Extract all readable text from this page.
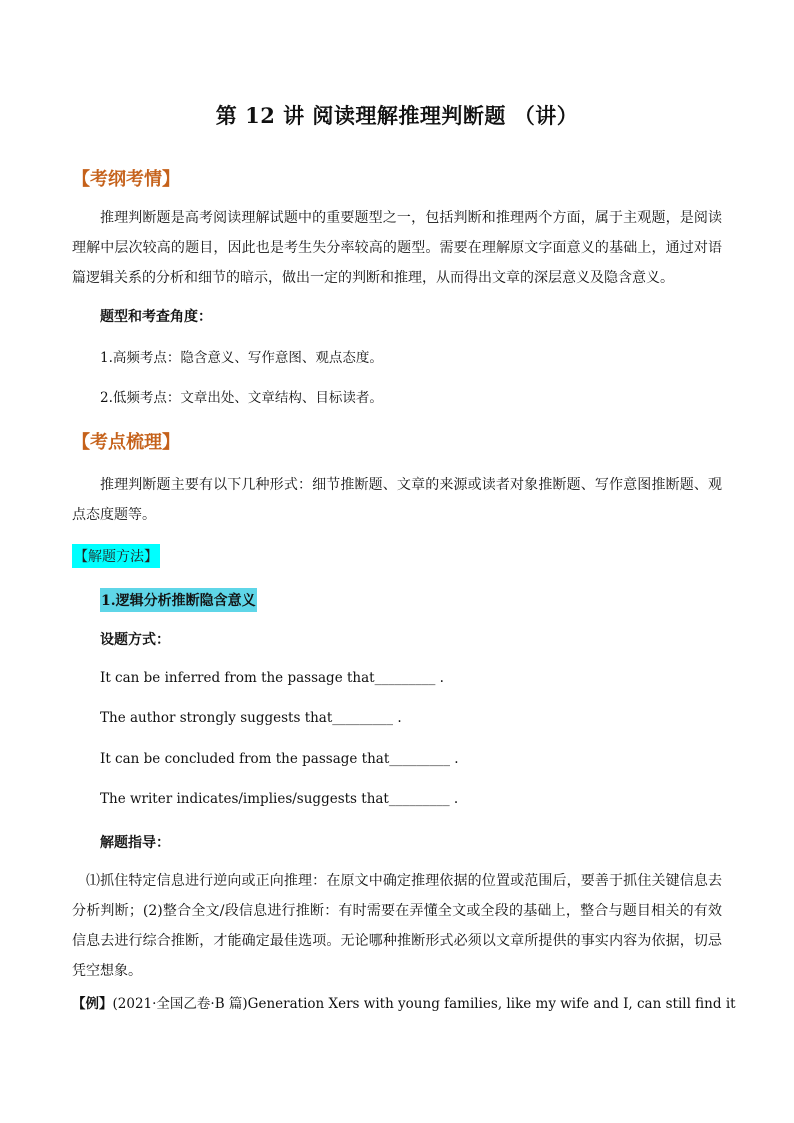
第 12 讲 阅读理解推理判断题 （讲）
【考纲考情】

推理判断题是高考阅读理解试题中的重要题型之一，包括判断和推理两个方面，属于主观题，是阅读理解中层次较高的题目，因此也是考生失分率较高的题型。需要在理解原文字面意义的基础上，通过对语篇逻辑关系的分析和细节的暗示，做出一定的判断和推理，从而得出文章的深层意义及隐含意义。

题型和考查角度：
1.高频考点：隐含意义、写作意图、观点态度。
2.低频考点：文章出处、文章结构、目标读者。
【考点梳理】

推理判断题主要有以下几种形式：细节推断题、文章的来源或读者对象推断题、写作意图推断题、观点态度题等。

【解题方法】
1.逻辑分析推断隐含意义
设题方式：
It can be inferred from the passage that_________ .
The author strongly suggests that_________ .
It can be concluded from the passage that_________ .
The writer indicates/implies/suggests that_________ .
解题指导：

⑴抓住特定信息进行逆向或正向推理：在原文中确定推理依据的位置或范围后，要善于抓住关键信息去分析判断；(2)整合全文/段信息进行推断：有时需要在弄懂全文或全段的基础上，整合与题目相关的有效信息去进行综合推断，才能确定最佳选项。无论哪种推断形式必须以文章所提供的事实内容为依据，切忌凭空想象。

【例】(2021·全国乙卷·B 篇)Generation Xers with young families, like my wife and I, can still find it
